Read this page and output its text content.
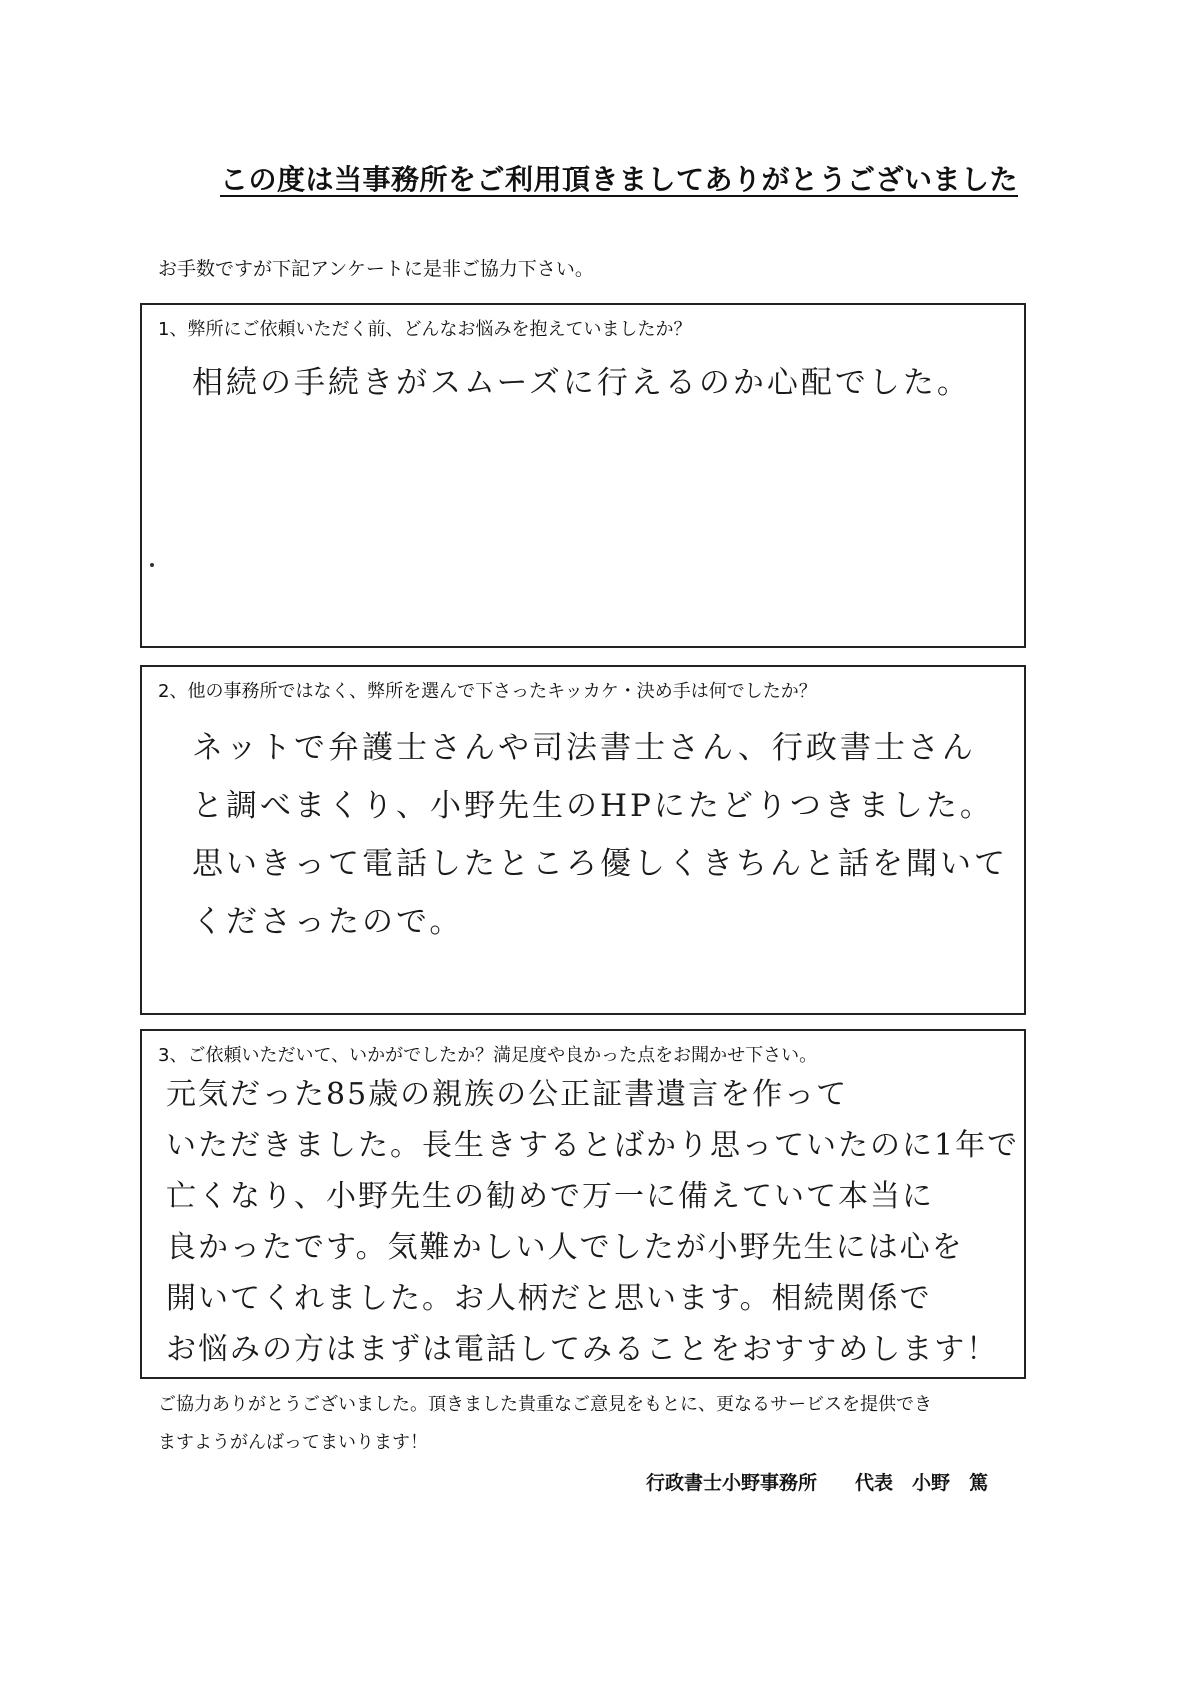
この度は当事務所をご利用頂きましてありがとうございました
お手数ですが下記アンケートに是非ご協力下さい。
1、弊所にご依頼いただく前、どんなお悩みを抱えていましたか？
相続の手続きがスムーズに行えるのか心配でした。
2、他の事務所ではなく、弊所を選んで下さったキッカケ・決め手は何でしたか？
ネットで弁護士さんや司法書士さん、行政書士さん
と調べまくり、小野先生のHPにたどりつきました。
思いきって電話したところ優しくきちんと話を聞いて
くださったので。
3、ご依頼いただいて、いかがでしたか？満足度や良かった点をお聞かせ下さい。
元気だった85歳の親族の公正証書遺言を作って
いただきました。長生きするとばかり思っていたのに1年で
亡くなり、小野先生の勧めで万一に備えていて本当に
良かったです。気難かしい人でしたが小野先生には心を
開いてくれました。お人柄だと思います。相続関係で
お悩みの方はまずは電話してみることをおすすめします！
ご協力ありがとうございました。頂きました貴重なご意見をもとに、更なるサービスを提供でき
ますようがんばってまいります！
行政書士小野事務所　　代表　小野　篤
